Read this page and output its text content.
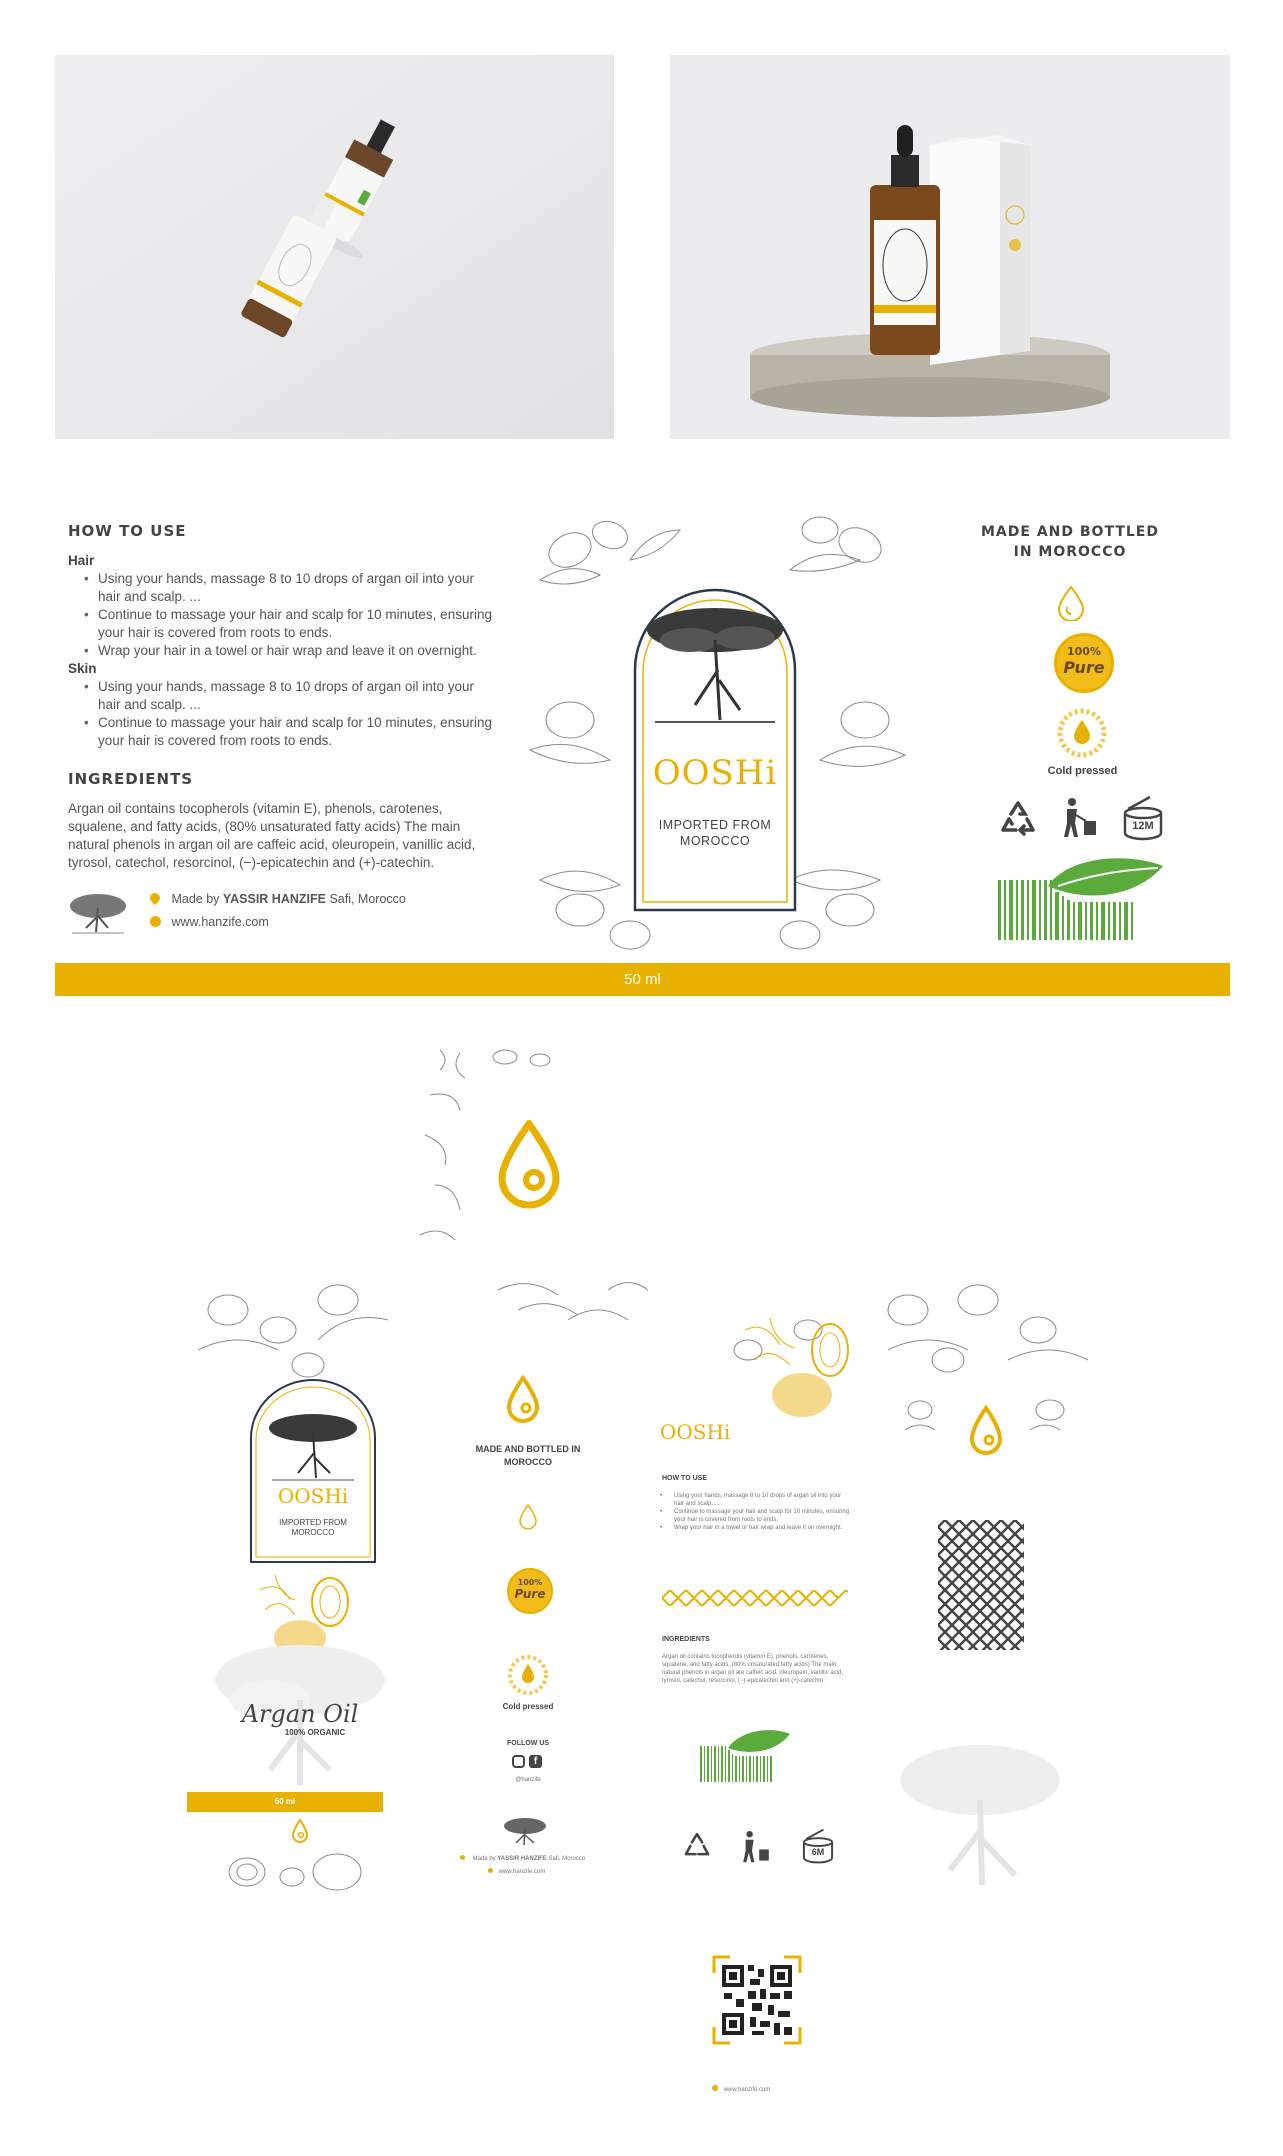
HOW TO USE
Hair
• Using your hands, massage 8 to 10 drops of argan oil into your hair and scalp. ...
• Continue to massage your hair and scalp for 10 minutes, ensuring your hair is covered from roots to ends.
• Wrap your hair in a towel or hair wrap and leave it on overnight.
Skin
• Using your hands, massage 8 to 10 drops of argan oil into your hair and scalp. ...
• Continue to massage your hair and scalp for 10 minutes, ensuring your hair is covered from roots to ends.
INGREDIENTS
Argan oil contains tocopherols (vitamin E), phenols, carotenes, squalene, and fatty acids, (80% unsaturated fatty acids) The main natural phenols in argan oil are caffeic acid, oleuropein, vanillic acid, tyrosol, catechol, resorcinol, (−)-epicatechin and (+)-catechin.
Made by YASSIR HANZIFE Safi, Morocco
www.hanzife.com
OOSHi
IMPORTED FROM
MOROCCO
MADE AND BOTTLED
IN MOROCCO
100%
Pure
Cold pressed
12M
50 ml
OOSHi
IMPORTED FROM
MOROCCO
Argan Oil
100% ORGANIC
50 ml
MADE AND BOTTLED IN
MOROCCO
100%
Pure
Cold pressed
FOLLOW US
f
@hanzife
Made by YASSIR HANZIFE Safi, Morocco
www.hanzife.com
OOSHi
HOW TO USE
• Using your hands, massage 8 to 10 drops of argan oil into your hair and scalp. ...
• Continue to massage your hair and scalp for 10 minutes, ensuring your hair is covered from roots to ends.
• Wrap your hair in a towel or hair wrap and leave it on overnight.
INGREDIENTS
Argan oil contains tocopherols (vitamin E), phenols, carotenes, squalene, and fatty acids, (80% unsaturated fatty acids) The main natural phenols in argan oil are caffeic acid, oleuropein, vanillic acid, tyrosol, catechol, resorcinol, (−)-epicatechin and (+)-catechin.
6M
www.hanzife.com
